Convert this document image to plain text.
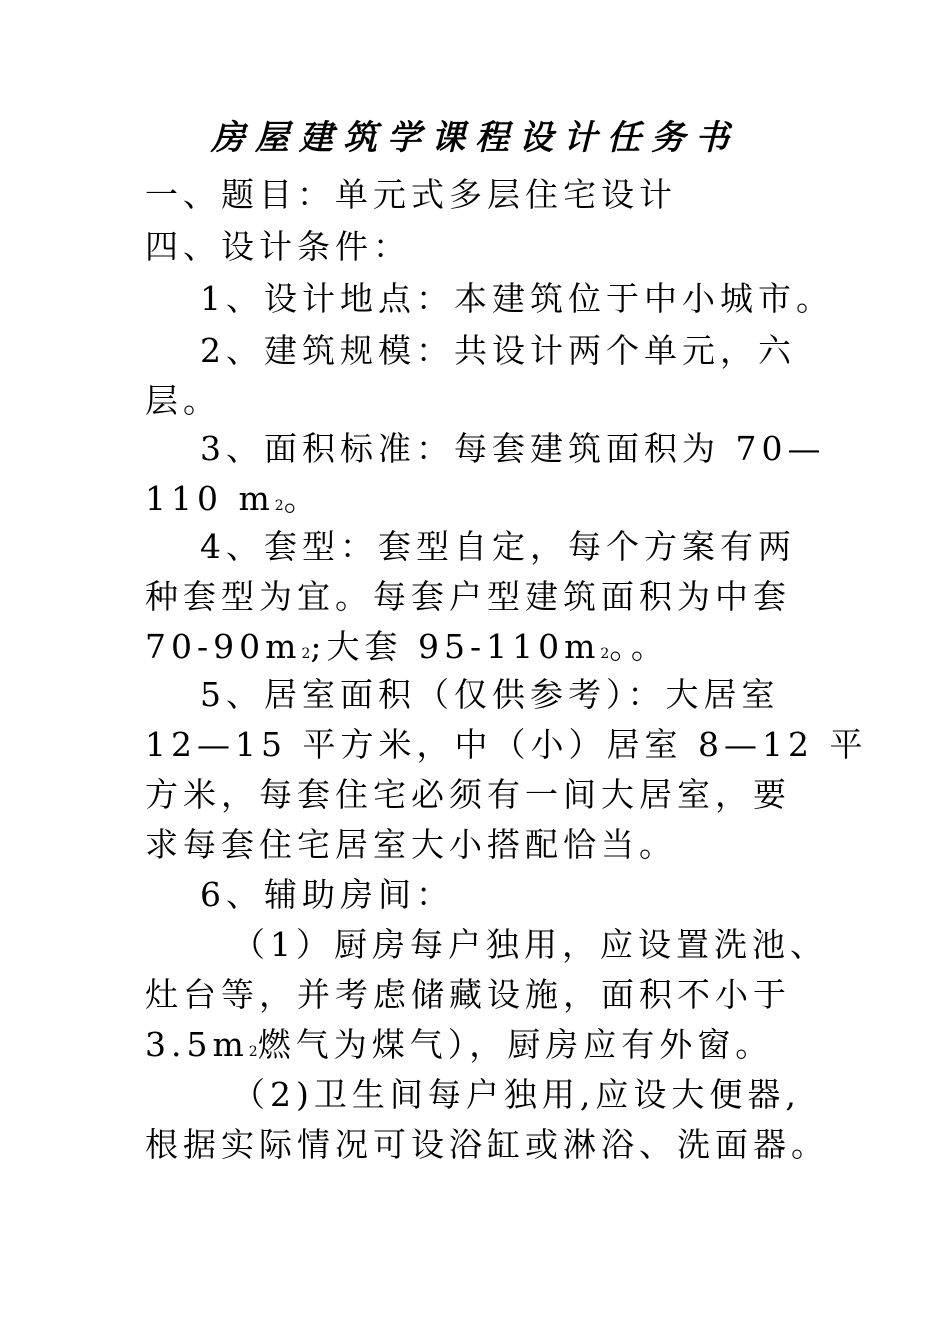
房屋建筑学课程设计任务书
一、题目：单元式多层住宅设计
四、设计条件：
1、设计地点：本建筑位于中小城市。
2、建筑规模：共设计两个单元，六
层。
3、面积标准：每套建筑面积为 70—
110 m2。
4、套型：套型自定，每个方案有两
种套型为宜。每套户型建筑面积为中套
70-90m2;大套 95-110m2。。
5、居室面积（仅供参考）：大居室
12—15 平方米，中（小）居室 8—12 平
方米，每套住宅必须有一间大居室，要
求每套住宅居室大小搭配恰当。
6、辅助房间：
（1）厨房每户独用，应设置洗池、
灶台等，并考虑储藏设施，面积不小于
3.5m2燃气为煤气），厨房应有外窗。
（2)卫生间每户独用,应设大便器,
根据实际情况可设浴缸或淋浴、洗面器。
